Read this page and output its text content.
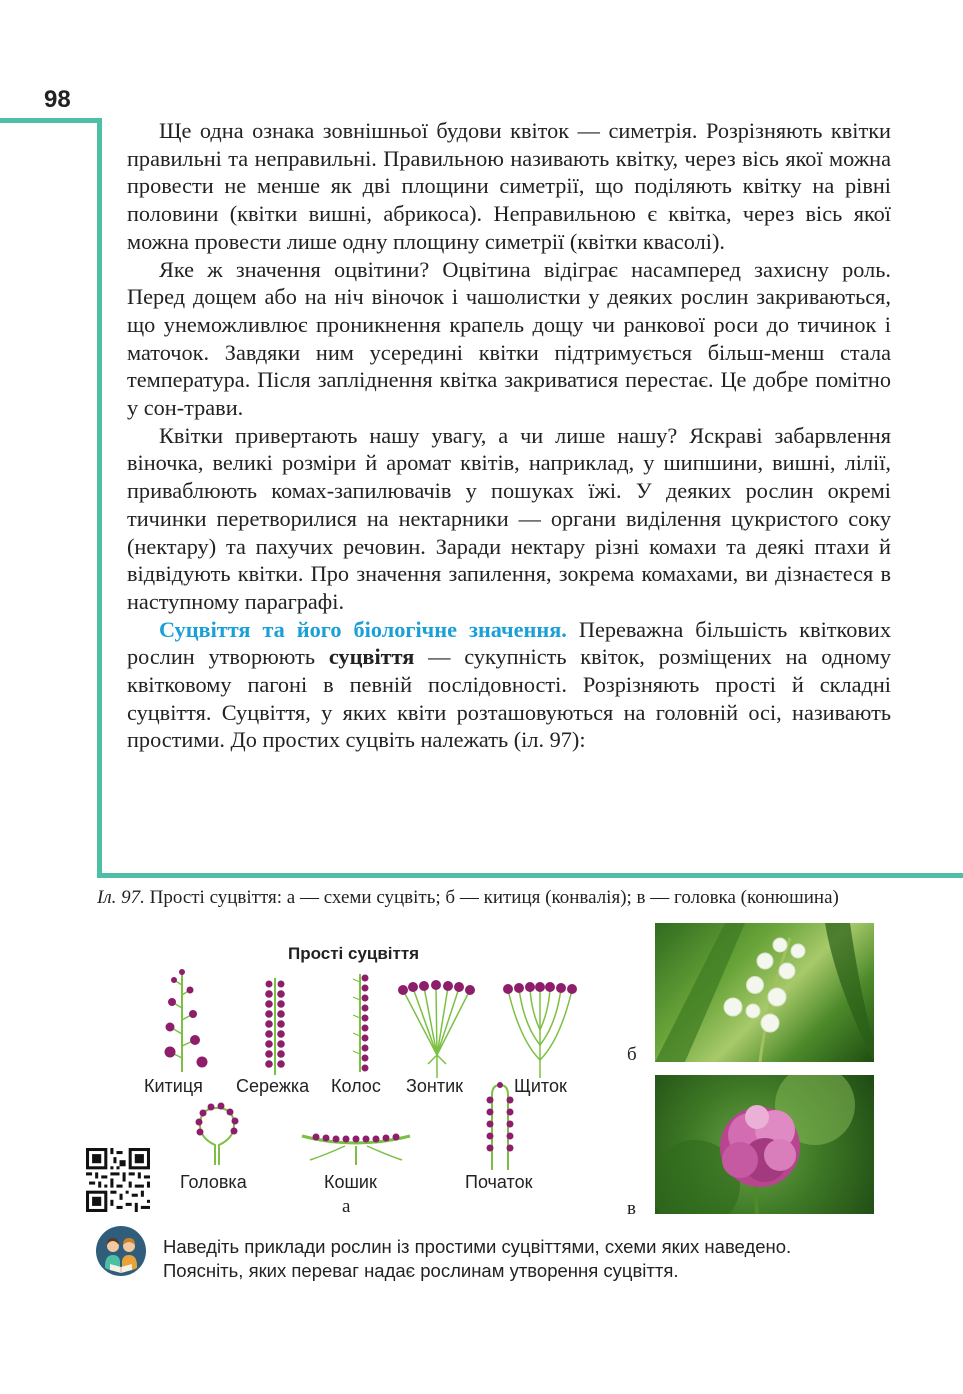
98

Ще одна ознака зовнішньої будови квіток — симетрія. Розрізняють квітки правильні та неправильні. Правильною називають квітку, через вісь якої можна провести не менше як дві площини симетрії, що поділяють квітку на рівні половини (квітки вишні, абрикоса). Неправильною є квітка, через вісь якої можна провести лише одну площину симетрії (квітки квасолі).

Яке ж значення оцвітини? Оцвітина відіграє насамперед захисну роль. Перед дощем або на ніч віночок і чашолистки у деяких рослин закриваються, що унеможливлює проникнення крапель дощу чи ранкової роси до тичинок і маточок. Завдяки ним усередині квітки підтримується більш-менш стала температура. Після запліднення квітка закриватися перестає. Це добре помітно у сон-трави.

Квітки привертають нашу увагу, а чи лише нашу? Яскраві забарвлення віночка, великі розміри й аромат квітів, наприклад, у шипшини, вишні, лілії, приваблюють комах-запилювачів у пошуках їжі. У деяких рослин окремі тичинки перетворилися на нектарники — органи виділення цукристого соку (нектару) та пахучих речовин. Заради нектару різні комахи та деякі птахи й відвідують квітки. Про значення запилення, зокрема комахами, ви дізнаєтеся в наступному параграфі.

Суцвіття та його біологічне значення. Переважна більшість квіткових рослин утворюють суцвіття — сукупність квіток, розміщених на одному квітковому пагоні в певній послідовності. Розрізняють прості й складні суцвіття. Суцвіття, у яких квіти розташовуються на головній осі, називають простими. До простих суцвіть належать (іл. 97):

Іл. 97. Прості суцвіття: а — схеми суцвіть; б — китиця (конвалія); в — головка (конюшина)
Прості суцвіття
Китиця Сережка Колос Зонтик	Щиток
Головка	Кошик	Початок
а
б
в
Наведіть приклади рослин із простими суцвіттями, схеми яких наведено.
Поясніть, яких переваг надає рослинам утворення суцвіття.
